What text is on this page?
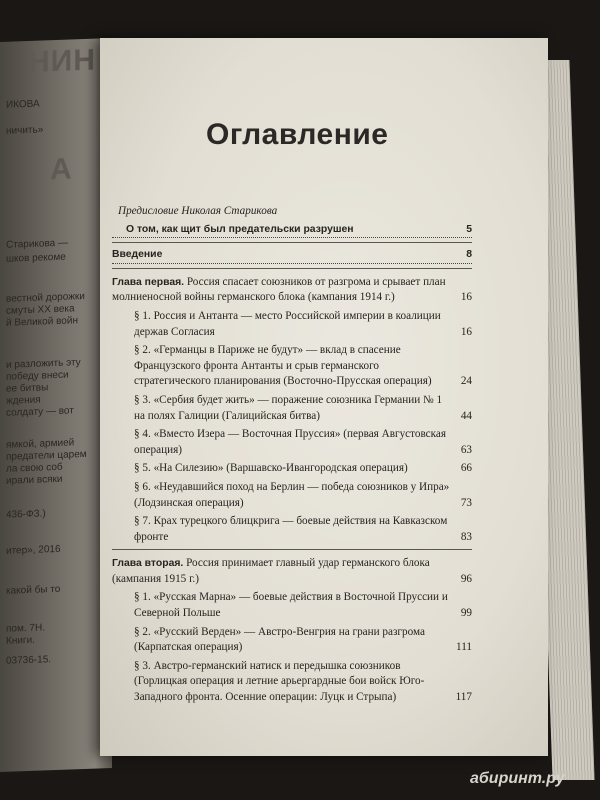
НИН
ИКОВА
ничить»
А
Старикова —
шков рекоме
вестной дорожки
смуты XX века
й Великой войн
и разложить эту
победу внеси
ее битвы
ждения
солдату — вот
ямкой, армией
предатели царем
ла свою соб
ирали всяки
436-ФЗ.)
итер», 2016
какой бы то
пом. 7Н.
Книги.
03736-15.
Оглавление
Предисловие Николая Старикова
О том, как щит был предательски разрушен	5
Введение	8
Глава первая. Россия спасает союзников от разгрома и срывает план молниеносной войны германского блока (кампания 1914 г.)	16
§ 1. Россия и Антанта — место Российской империи в коалиции держав Согласия	16
§ 2. «Германцы в Париже не будут» — вклад в спасение Французского фронта Антанты и срыв германского стратегического планирования (Восточно-Прусская операция)	24
§ 3. «Сербия будет жить» — поражение союзника Германии № 1 на полях Галиции (Галицийская битва)	44
§ 4. «Вместо Изера — Восточная Пруссия» (первая Августовская операция)	63
§ 5. «На Силезию» (Варшавско-Ивангородская операция)	66
§ 6. «Неудавшийся поход на Берлин — победа союзников у Ипра» (Лодзинская операция)	73
§ 7. Крах турецкого блицкрига — боевые действия на Кавказском фронте	83
Глава вторая. Россия принимает главный удар германского блока (кампания 1915 г.)	96
§ 1. «Русская Марна» — боевые действия в Восточной Пруссии и Северной Польше	99
§ 2. «Русский Верден» — Австро-Венгрия на грани разгрома (Карпатская операция)	111
§ 3. Австро-германский натиск и передышка союзников (Горлицкая операция и летние арьергардные бои войск Юго-Западного фронта. Осенние операции: Луцк и Стрыпа)	117
абиринт.ру
